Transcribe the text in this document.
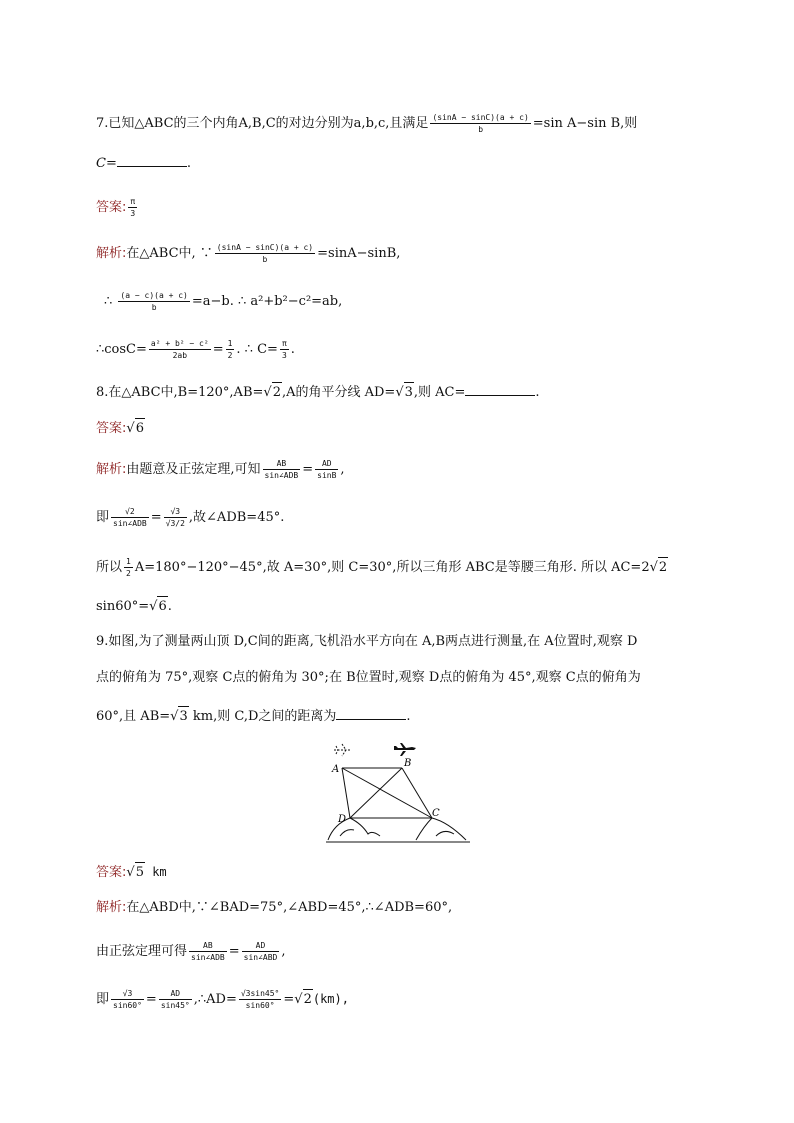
7.已知△ABC的三个内角A,B,C的对边分别为a,b,c,且满足 $\frac{(\sin A - \sin C)(a + c)}{b} =\sin$ A−sin B,则
C=	.
答案: $\frac{\pi}{3}$
解析:在△ABC中, ∵ $\frac{(\sin A - \sin C)(a + c)}{b} =\sin A-\sin B$,
∴ $\frac{(a - c)(a + c)}{b} =a-b$. ∴ a²+b²−c²=ab,
∴cosC= $\frac{\text{a² + b² − c²}}{2ab} = \frac{1}{2}$ . ∴ $C= \frac{\pi}{3}$ .
8.在△ABC中,B=120°,AB=√2,A的角平分线 AD=√3,则 AC=	.
答案:√6
解析:由题意及正弦定理,可知	AB
sin∠ADB = $\frac{AD}{\sin B}$ ,
即	√2
sin∠ADB = $\frac{√3}{√3/2}$ ,故∠ADB=45°.
所以 $\frac{1}{2} A=180^\circ-120^\circ-45^\circ$,故 A=30°,则 C=30°,所以三角形 ABC是等腰三角形. 所以 AC=2√2
sin60°=√6.
9.如图,为了测量两山顶 D,C间的距离,飞机沿水平方向在 A,B两点进行测量,在 A位置时,观察 D
点的俯角为 75°,观察 C点的俯角为 30°;在 B位置时,观察 D点的俯角为 45°,观察 C点的俯角为
60°,且 AB=√3 km,则 C,D之间的距离为	.
A
B
C
D
答案:√5 km
解析:在△ABD中,∵∠BAD=75°,∠ABD=45°,∴∠ADB=60°,
由正弦定理可得	AB
sin∠ADB =	AD
sin∠ABD ,
即 $\frac{√3}{\sin 60^\circ} = \frac{AD}{\sin 45^\circ}$ ,∴AD= $\frac{√3\sin 45^\circ}{\sin 60^\circ} =√2(km)$,
